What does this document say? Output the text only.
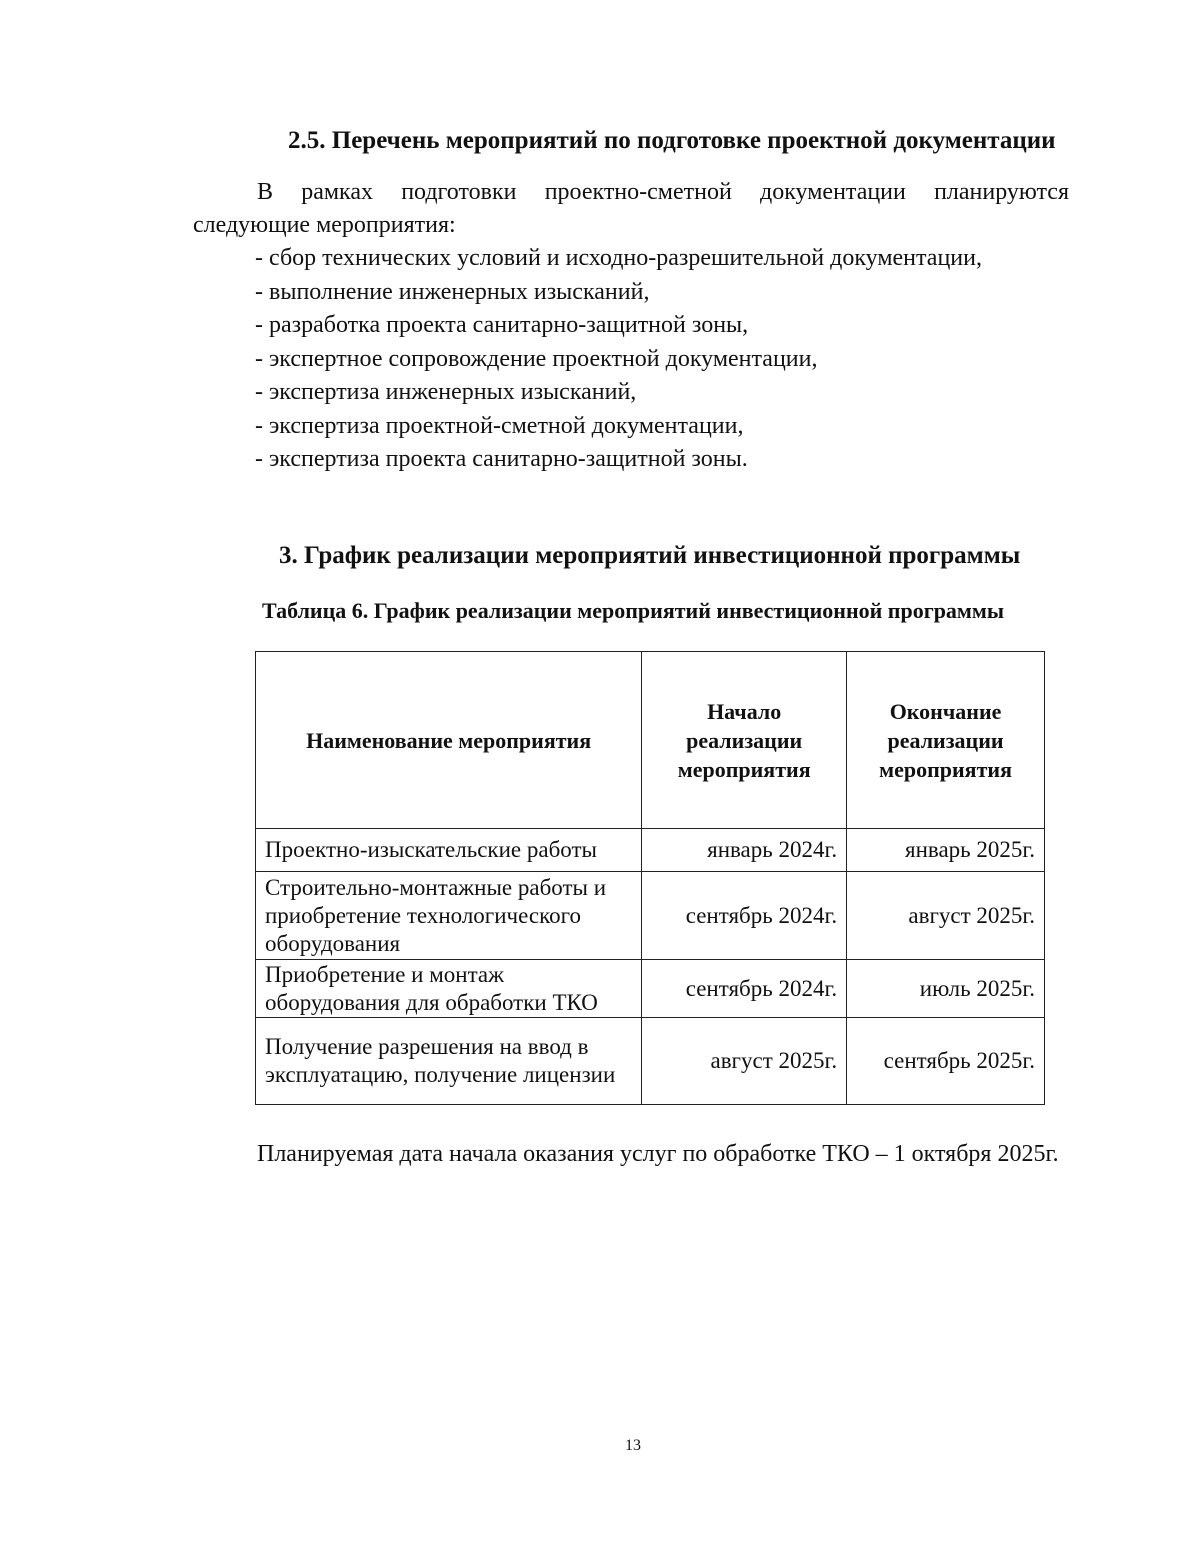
2.5. Перечень мероприятий по подготовке проектной документации

В рамках подготовки проектно-сметной документации планируются следующие мероприятия:

- сбор технических условий и исходно-разрешительной документации,
- выполнение инженерных изысканий,
- разработка проекта санитарно-защитной зоны,
- экспертное сопровождение проектной документации,
- экспертиза инженерных изысканий,
- экспертиза проектной-сметной документации,
- экспертиза проекта санитарно-защитной зоны.
3. График реализации мероприятий инвестиционной программы
Таблица 6. График реализации мероприятий инвестиционной программы
Наименование мероприятия	Начало реализации мероприятия	Окончание реализации мероприятия
Проектно-изыскательские работы	январь 2024г.	январь 2025г.
Строительно-монтажные работы и приобретение технологического оборудования	сентябрь 2024г.	август 2025г.
Приобретение и монтаж оборудования для обработки ТКО	сентябрь 2024г.	июль 2025г.
Получение разрешения на ввод в эксплуатацию, получение лицензии	август 2025г.	сентябрь 2025г.

Планируемая дата начала оказания услуг по обработке ТКО – 1 октября 2025г.

13
